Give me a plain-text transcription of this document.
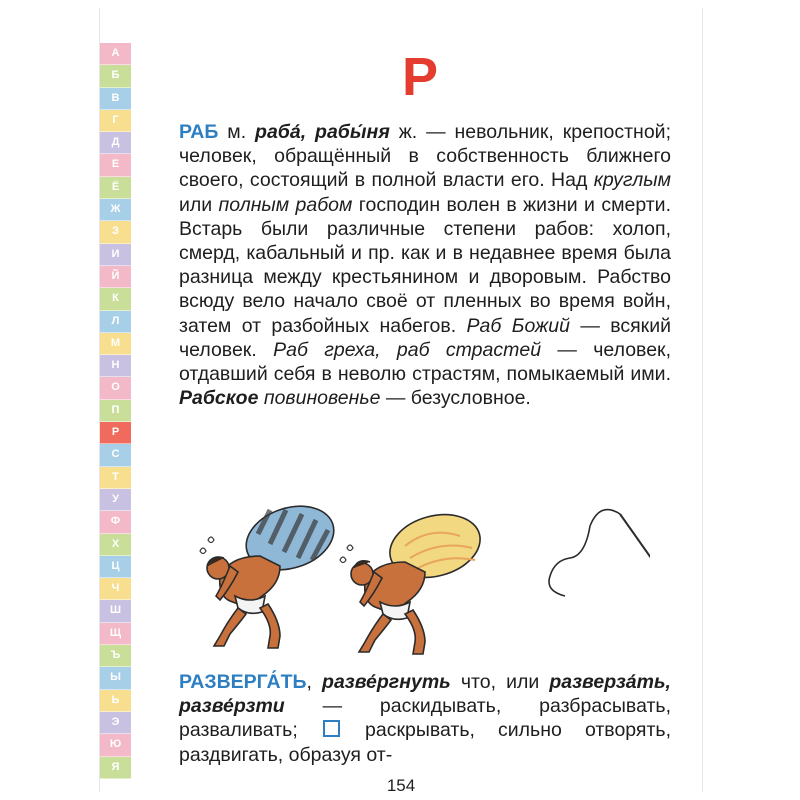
А
Б
В
Г
Д
Е
Ё
Ж
З
И
Й
К
Л
М
Н
О
П
Р
С
Т
У
Ф
Х
Ц
Ч
Ш
Щ
Ъ
Ы
Ь
Э
Ю
Я
Р
РАБ м. раба́, рабы́ня ж. — невольник, крепостной; человек, обращённый в собственность ближнего своего, состоящий в полной власти его. Над круглым или полным рабом господин волен в жизни и смерти. Встарь были различные степени рабов: холоп, смерд, кабальный и пр. как и в недавнее время была разница между крестьянином и дворовым. Рабство всюду вело начало своё от пленных во время войн, затем от разбойных набегов. Раб Божий — всякий человек. Раб греха, раб страстей — человек, отдавший себя в неволю страстям, помыкаемый ими. Рабское повиновенье — безусловное.
РАЗВЕРГА́ТЬ, разве́ргнуть что, или разверза́ть, разве́рзти — раскидывать, разбрасывать, разваливать;  раскрывать, сильно отворять, раздвигать, образуя от-
154
